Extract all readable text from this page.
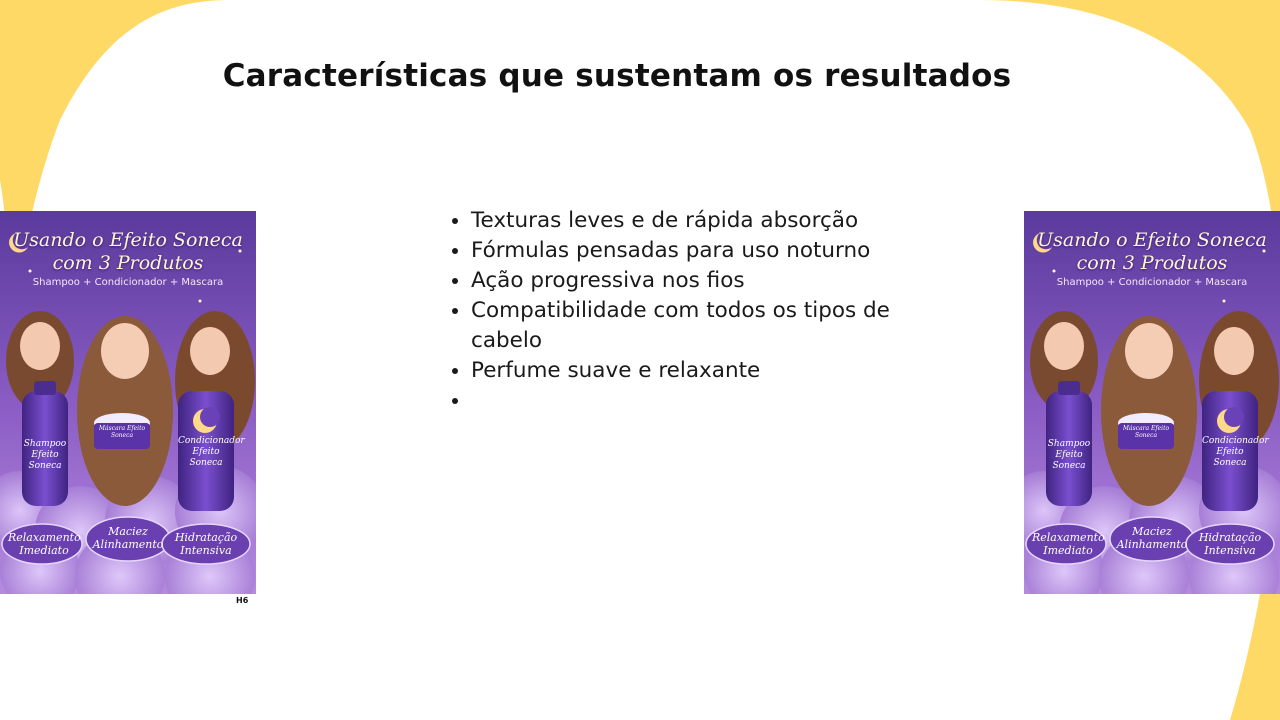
Características que sustentam os resultados
• Texturas leves e de rápida absorção
• Fórmulas pensadas para uso noturno
• Ação progressiva nos fios
• Compatibilidade com todos os tipos de cabelo
• Perfume suave e relaxante
•
Usando o Efeito Soneca
com 3 Produtos
Shampoo + Condicionador + Mascara
Shampoo Efeito Soneca
Máscara Efeito Soneca
Condicionador Efeito Soneca
Relaxamento
Imediato
Maciez
Alinhamento
Hidratação
Intensiva
Usando o Efeito Soneca
com 3 Produtos
Shampoo + Condicionador + Mascara
Shampoo Efeito Soneca
Máscara Efeito Soneca
Condicionador Efeito Soneca
Relaxamento
Imediato
Maciez
Alinhamento
Hidratação
Intensiva
H6
